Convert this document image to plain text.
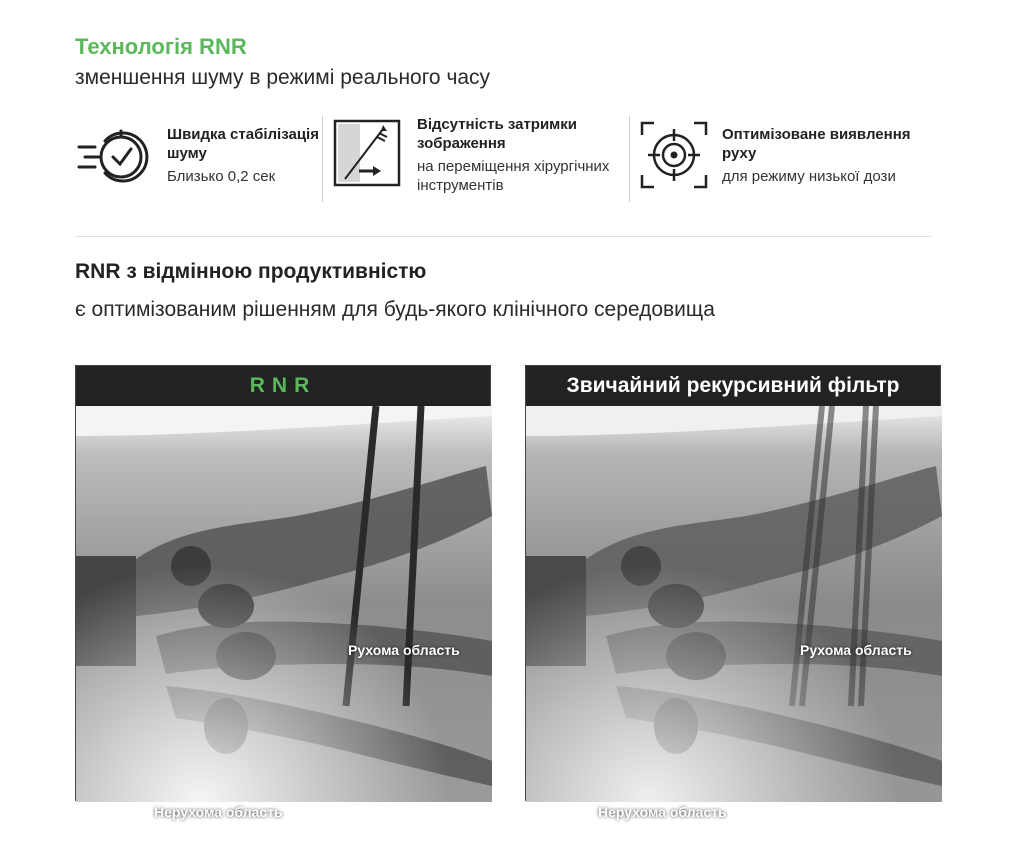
Технологія RNR
зменшення шуму в режимі реального часу
Швидка стабілізація шуму
Близько 0,2 сек
Відсутність затримки зображення
на переміщення хірургічних інструментів
Оптимізоване виявлення руху
для режиму низької дози
RNR з відмінною продуктивністю
є оптимізованим рішенням для будь-якого клінічного середовища
RNR
Рухома область
Нерухома область
Звичайний рекурсивний фільтр
Рухома область
Нерухома область
